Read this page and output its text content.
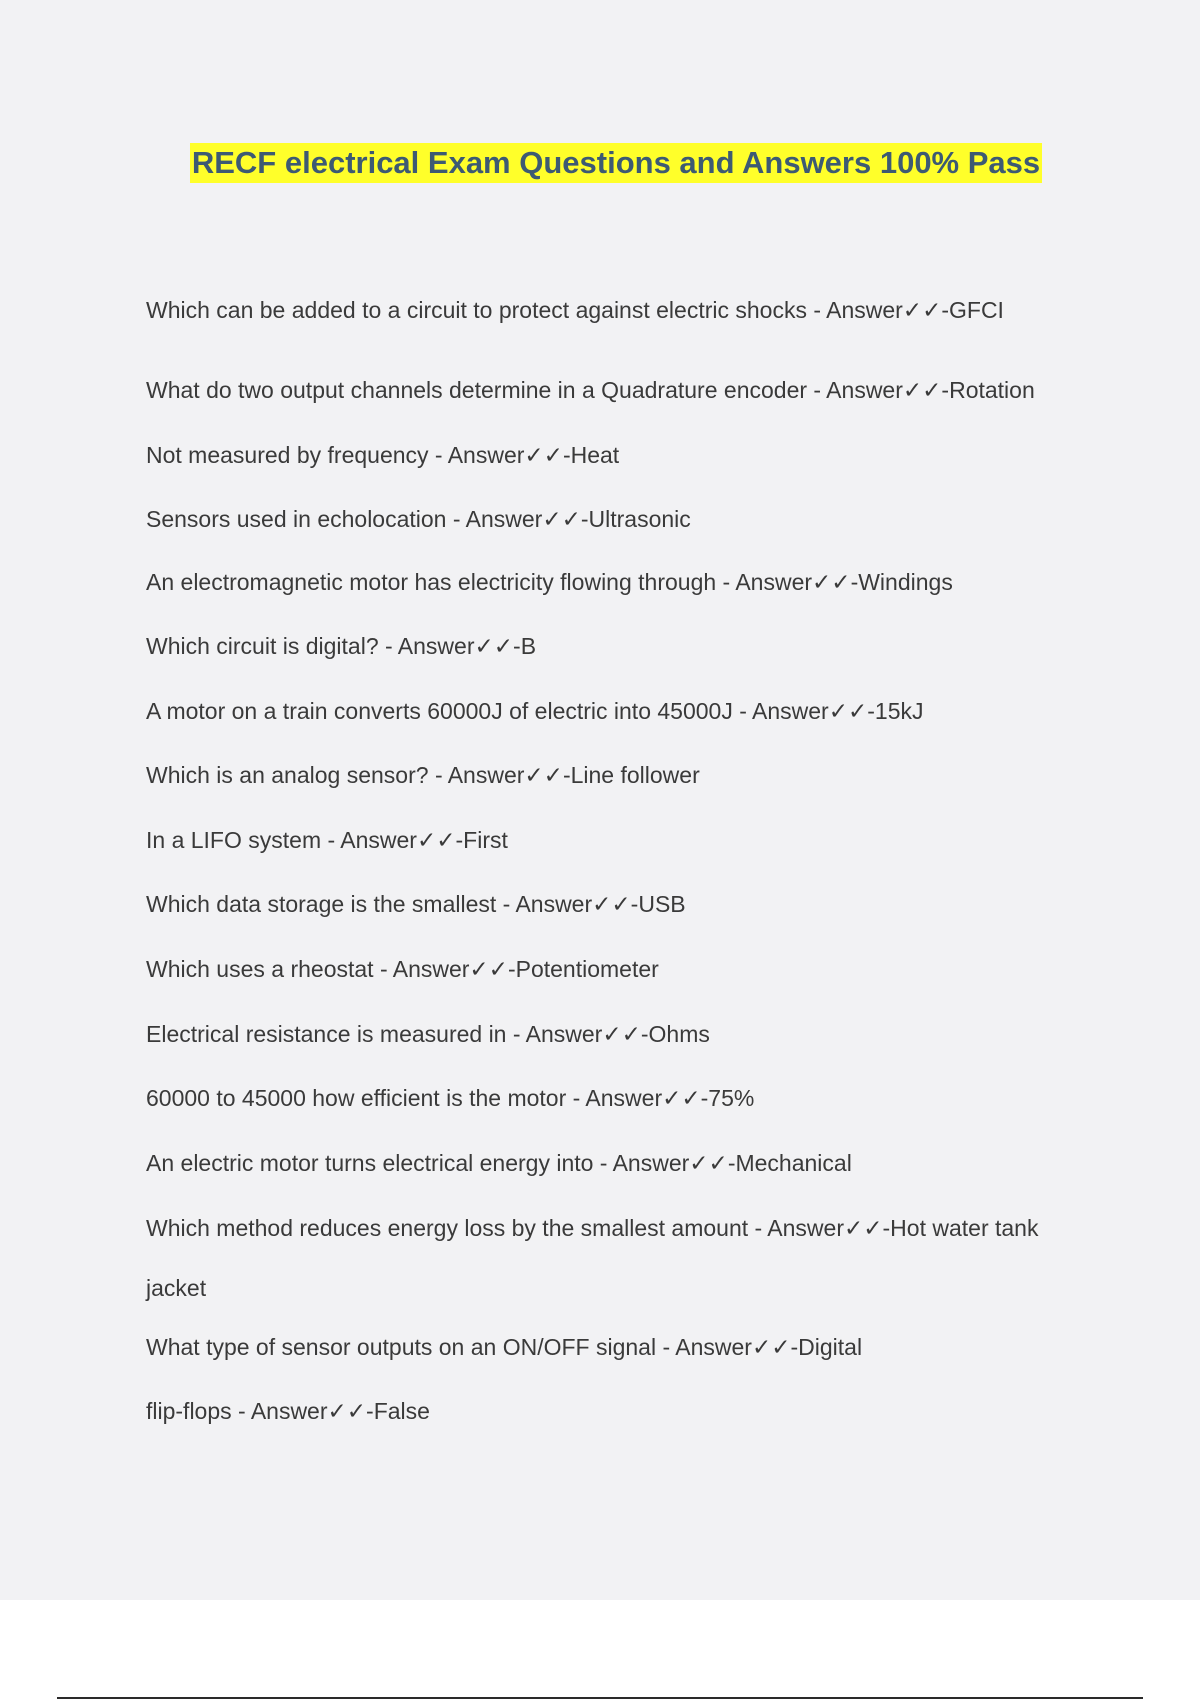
RECF electrical Exam Questions and Answers 100% Pass

Which can be added to a circuit to protect against electric shocks - Answer✓✓-GFCI

What do two output channels determine in a Quadrature encoder - Answer✓✓-Rotation

Not measured by frequency - Answer✓✓-Heat

Sensors used in echolocation - Answer✓✓-Ultrasonic

An electromagnetic motor has electricity flowing through - Answer✓✓-Windings

Which circuit is digital? - Answer✓✓-B

A motor on a train converts 60000J of electric into 45000J - Answer✓✓-15kJ

Which is an analog sensor? - Answer✓✓-Line follower

In a LIFO system - Answer✓✓-First

Which data storage is the smallest - Answer✓✓-USB

Which uses a rheostat - Answer✓✓-Potentiometer

Electrical resistance is measured in - Answer✓✓-Ohms

60000 to 45000 how efficient is the motor - Answer✓✓-75%

An electric motor turns electrical energy into - Answer✓✓-Mechanical

Which method reduces energy loss by the smallest amount - Answer✓✓-Hot water tank

jacket

What type of sensor outputs on an ON/OFF signal - Answer✓✓-Digital

flip-flops - Answer✓✓-False
